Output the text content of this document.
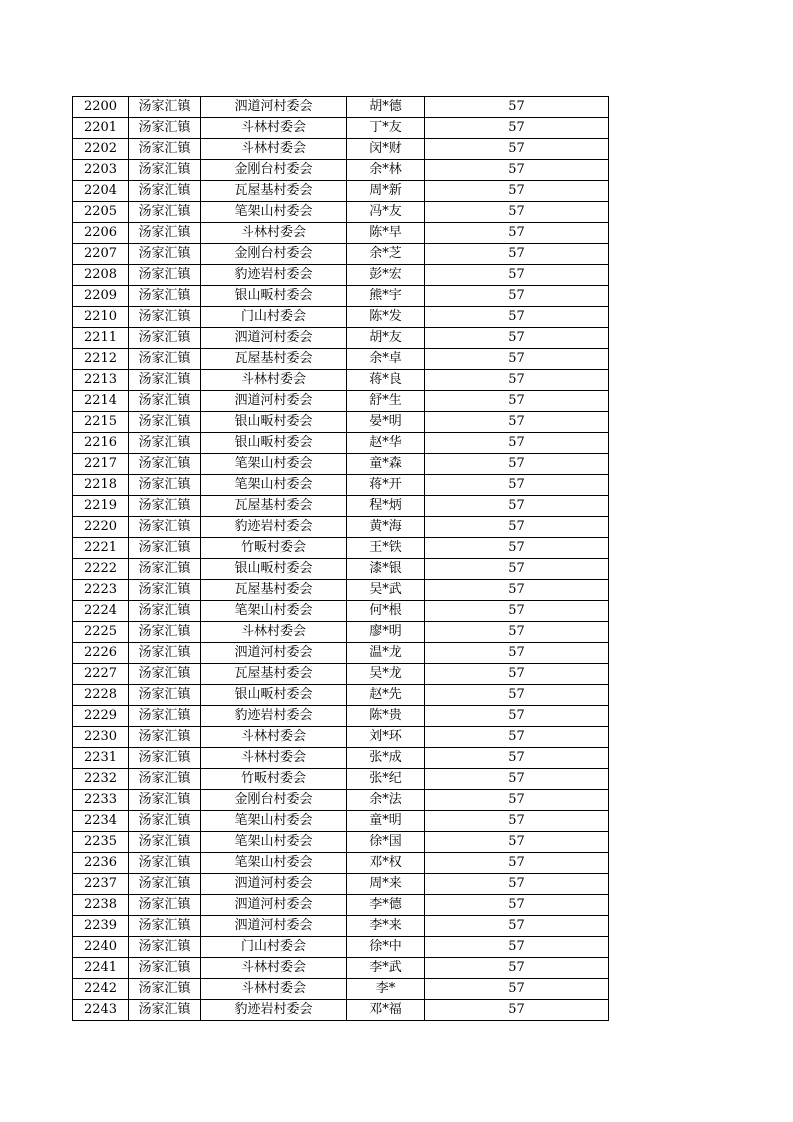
2200	汤家汇镇	泗道河村委会	胡*德	57
2201	汤家汇镇	斗林村委会	丁*友	57
2202	汤家汇镇	斗林村委会	闵*财	57
2203	汤家汇镇	金刚台村委会	余*林	57
2204	汤家汇镇	瓦屋基村委会	周*新	57
2205	汤家汇镇	笔架山村委会	冯*友	57
2206	汤家汇镇	斗林村委会	陈*早	57
2207	汤家汇镇	金刚台村委会	余*芝	57
2208	汤家汇镇	豹迹岩村委会	彭*宏	57
2209	汤家汇镇	银山畈村委会	熊*宇	57
2210	汤家汇镇	门山村委会	陈*发	57
2211	汤家汇镇	泗道河村委会	胡*友	57
2212	汤家汇镇	瓦屋基村委会	余*卓	57
2213	汤家汇镇	斗林村委会	蒋*良	57
2214	汤家汇镇	泗道河村委会	舒*生	57
2215	汤家汇镇	银山畈村委会	晏*明	57
2216	汤家汇镇	银山畈村委会	赵*华	57
2217	汤家汇镇	笔架山村委会	童*森	57
2218	汤家汇镇	笔架山村委会	蒋*开	57
2219	汤家汇镇	瓦屋基村委会	程*炳	57
2220	汤家汇镇	豹迹岩村委会	黄*海	57
2221	汤家汇镇	竹畈村委会	王*铁	57
2222	汤家汇镇	银山畈村委会	漆*银	57
2223	汤家汇镇	瓦屋基村委会	吴*武	57
2224	汤家汇镇	笔架山村委会	何*根	57
2225	汤家汇镇	斗林村委会	廖*明	57
2226	汤家汇镇	泗道河村委会	温*龙	57
2227	汤家汇镇	瓦屋基村委会	吴*龙	57
2228	汤家汇镇	银山畈村委会	赵*先	57
2229	汤家汇镇	豹迹岩村委会	陈*贵	57
2230	汤家汇镇	斗林村委会	刘*环	57
2231	汤家汇镇	斗林村委会	张*成	57
2232	汤家汇镇	竹畈村委会	张*纪	57
2233	汤家汇镇	金刚台村委会	余*法	57
2234	汤家汇镇	笔架山村委会	童*明	57
2235	汤家汇镇	笔架山村委会	徐*国	57
2236	汤家汇镇	笔架山村委会	邓*权	57
2237	汤家汇镇	泗道河村委会	周*来	57
2238	汤家汇镇	泗道河村委会	李*德	57
2239	汤家汇镇	泗道河村委会	李*来	57
2240	汤家汇镇	门山村委会	徐*中	57
2241	汤家汇镇	斗林村委会	李*武	57
2242	汤家汇镇	斗林村委会	李*	57
2243	汤家汇镇	豹迹岩村委会	邓*福	57
